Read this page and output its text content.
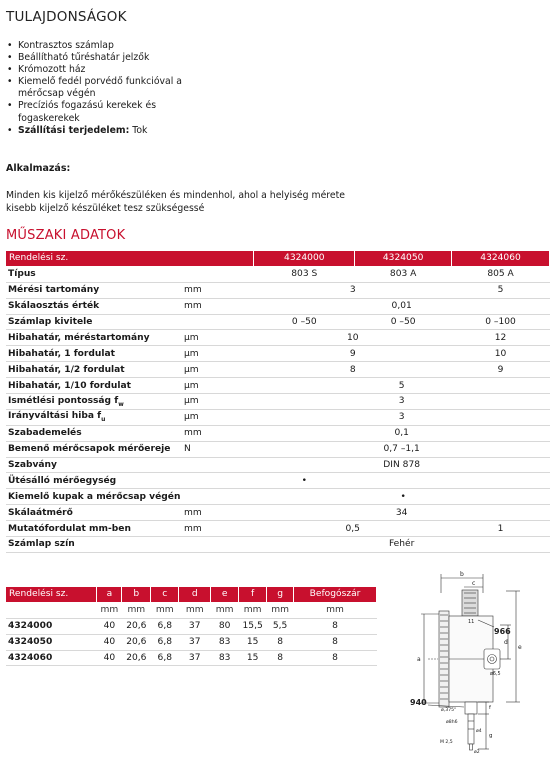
TULAJDONSÁGOK
• Kontrasztos számlap
• Beállítható tűréshatár jelzők
• Krómozott ház
• Kiemelő fedél porvédő funkcióval a mérőcsap végén
• Precíziós fogazású kerekek és fogaskerekek
• Szállítási terjedelem: Tok
Alkalmazás:
Minden kis kijelző mérőkészüléken és mindenhol, ahol a helyiség mérete kisebb kijelző készüléket tesz szükségessé
MŰSZAKI ADATOK
Rendelési sz.		4324000	4324050	4324060
Típus		803 S	803 A	805 A
Mérési tartomány	mm	3		5
Skálaosztás érték	mm	0,01		
Számlap kivitele		0 –50	0 –50	0 –100
Hibahatár, méréstartomány	µm	10		12
Hibahatár, 1 fordulat	µm	9		10
Hibahatár, 1/2 fordulat	µm	8		9
Hibahatár, 1/10 fordulat	µm	5		
Ismétlési pontosság $f_w$	µm	3		
Irányváltási hiba $f_u$	µm	3		
Szabademelés	mm	0,1		
Bemenő mérőcsapok mérőereje	N	0,7 –1,1		
Szabvány		DIN 878		
Ütésálló mérőegység		•		
Kiemelő kupak a mérőcsap végén			•	
Skálaátmérő	mm	34		
Mutatófordulat mm-ben	mm	0,5		1
Számlap szín		Fehér		
Rendelési sz.	a	b	c	d	e	f	g	Befogószár
	mm	mm	mm	mm	mm	mm	mm	mm
4324000	40	20,6	6,8	37	80	15,5	5,5	8
4324050	40	20,6	6,8	37	83	15	8	8
4324060	40	20,6	6,8	37	83	15	8	8
b
c
11
966
a
e
d
ø6,5
940
ø,375"
ø8h6
ø4
f
g
M 2,5
ø2
